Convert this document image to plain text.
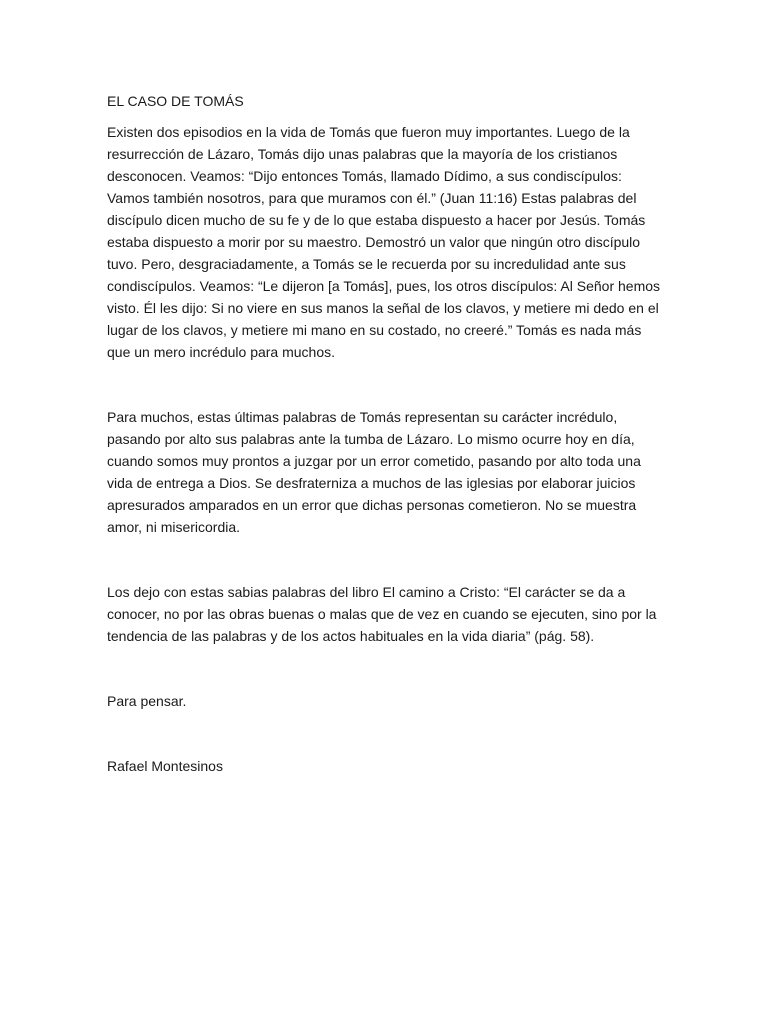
EL CASO DE TOMÁS

Existen dos episodios en la vida de Tomás que fueron muy importantes. Luego de la resurrección de Lázaro, Tomás dijo unas palabras que la mayoría de los cristianos desconocen. Veamos: “Dijo entonces Tomás, llamado Dídimo, a sus condiscípulos: Vamos también nosotros, para que muramos con él.” (Juan 11:16) Estas palabras del discípulo dicen mucho de su fe y de lo que estaba dispuesto a hacer por Jesús. Tomás estaba dispuesto a morir por su maestro. Demostró un valor que ningún otro discípulo tuvo. Pero, desgraciadamente, a Tomás se le recuerda por su incredulidad ante sus condiscípulos. Veamos: “Le dijeron [a Tomás], pues, los otros discípulos: Al Señor hemos visto. Él les dijo: Si no viere en sus manos la señal de los clavos, y metiere mi dedo en el lugar de los clavos, y metiere mi mano en su costado, no creeré.” Tomás es nada más que un mero incrédulo para muchos.

Para muchos, estas últimas palabras de Tomás representan su carácter incrédulo, pasando por alto sus palabras ante la tumba de Lázaro. Lo mismo ocurre hoy en día, cuando somos muy prontos a juzgar por un error cometido, pasando por alto toda una vida de entrega a Dios. Se desfraterniza a muchos de las iglesias por elaborar juicios apresurados amparados en un error que dichas personas cometieron. No se muestra amor, ni misericordia.

Los dejo con estas sabias palabras del libro El camino a Cristo: “El carácter se da a conocer, no por las obras buenas o malas que de vez en cuando se ejecuten, sino por la tendencia de las palabras y de los actos habituales en la vida diaria” (pág. 58).

Para pensar.

Rafael Montesinos
